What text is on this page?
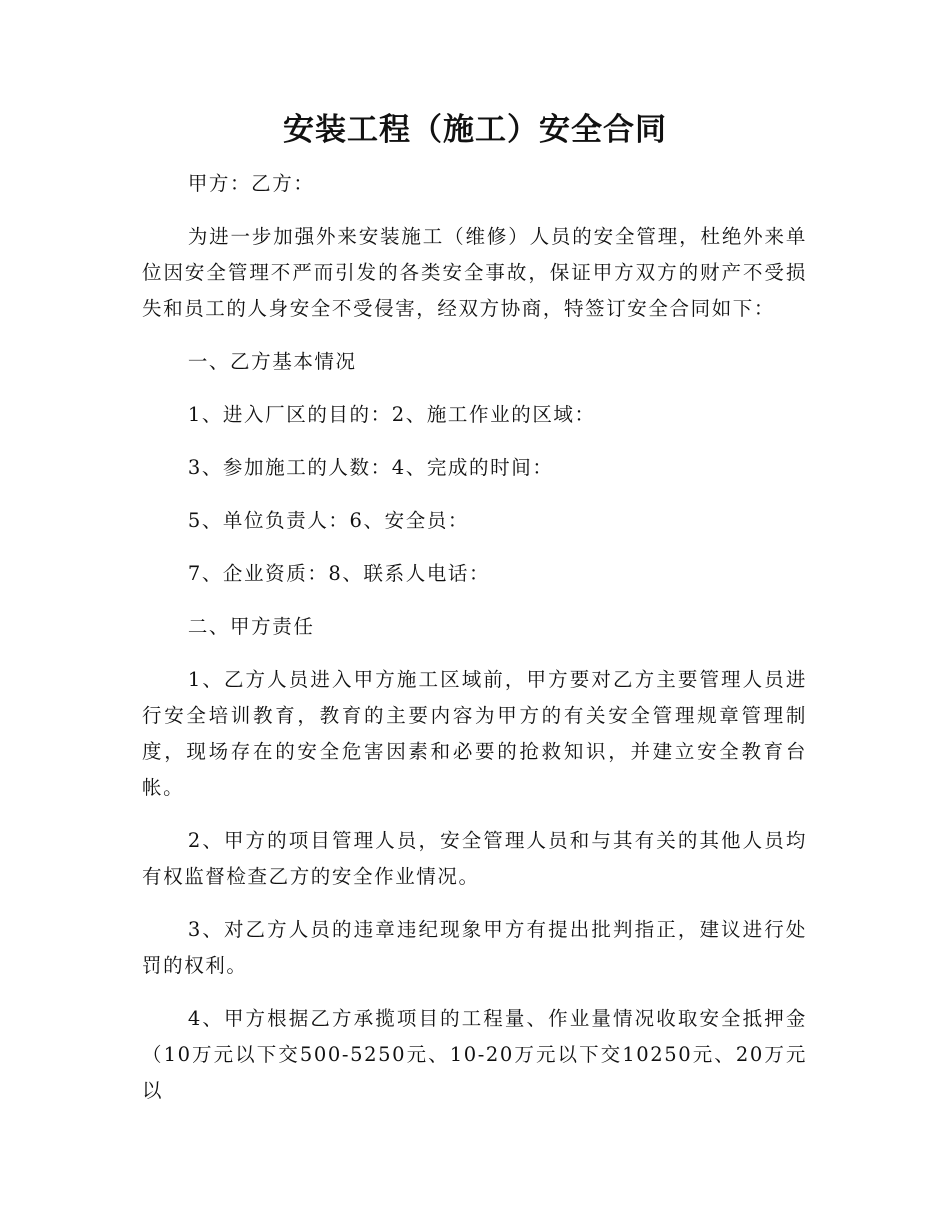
安装工程（施工）安全合同

甲方：乙方：

为进一步加强外来安装施工（维修）人员的安全管理，杜绝外来单位因安全管理不严而引发的各类安全事故，保证甲方双方的财产不受损失和员工的人身安全不受侵害，经双方协商，特签订安全合同如下：

一、乙方基本情况

1、进入厂区的目的：2、施工作业的区域：

3、参加施工的人数：4、完成的时间：

5、单位负责人：6、安全员：

7、企业资质：8、联系人电话：

二、甲方责任

1、乙方人员进入甲方施工区域前，甲方要对乙方主要管理人员进行安全培训教育，教育的主要内容为甲方的有关安全管理规章管理制度，现场存在的安全危害因素和必要的抢救知识，并建立安全教育台帐。

2、甲方的项目管理人员，安全管理人员和与其有关的其他人员均有权监督检查乙方的安全作业情况。

3、对乙方人员的违章违纪现象甲方有提出批判指正，建议进行处罚的权利。

4、甲方根据乙方承揽项目的工程量、作业量情况收取安全抵押金（10万元以下交500-5250元、10-20万元以下交10250元、20万元以
